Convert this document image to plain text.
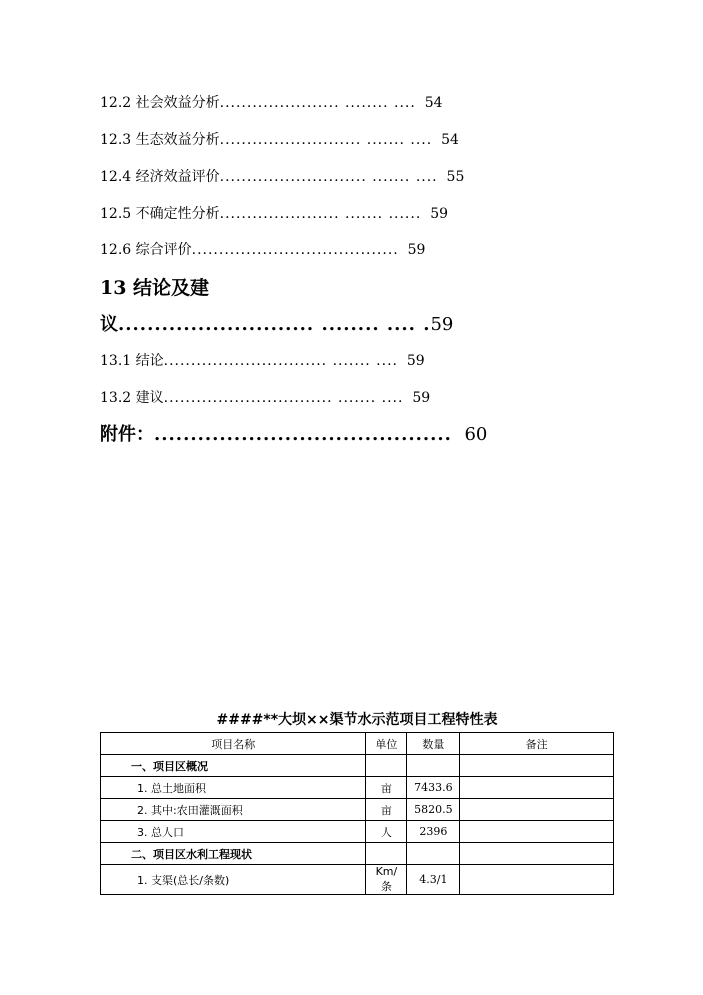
12.2 社会效益分析...................... ........ .... 54
12.3 生态效益分析.......................... ....... .... 54
12.4 经济效益评价........................... ....... .... 55
12.5 不确定性分析...................... ....... ...... 59
12.6 综合评价...................................... 59
13 结论及建
议........................... ........ .... .59
13.1 结论.............................. ....... .... 59
13.2 建议............................... ....... .... 59
附件：......................................... 60
####**大坝××渠节水示范项目工程特性表
项目名称	单位	数量	备注
一、项目区概况			
1. 总土地面积	亩	7433.6	
2. 其中:农田灌溉面积	亩	5820.5	
3. 总人口	人	2396	
二、项目区水利工程现状			
1. 支渠(总长/条数)	Km/条	4.3/1	
